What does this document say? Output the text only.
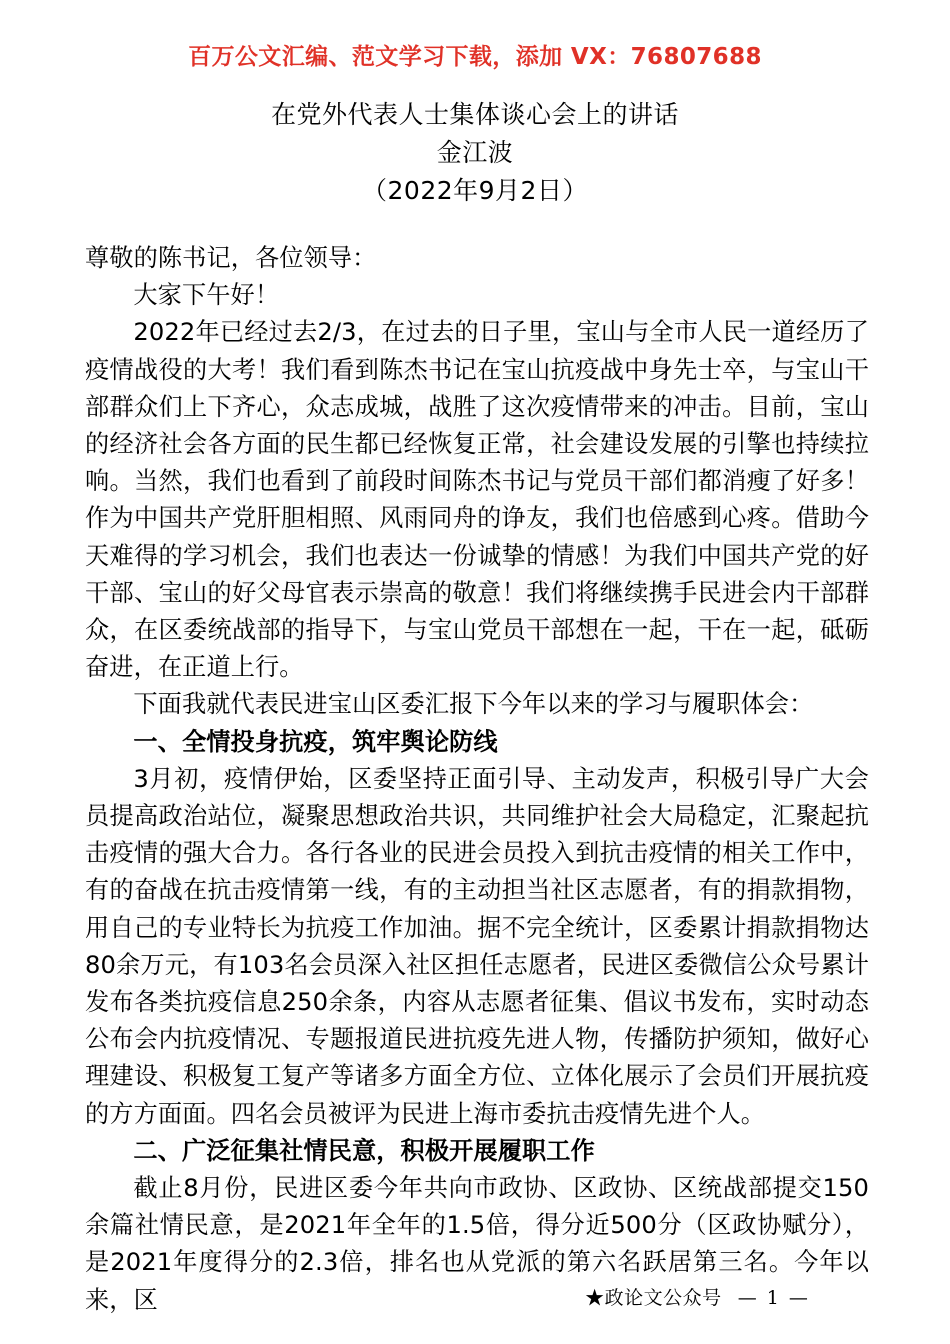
百万公文汇编、范文学习下载，添加 VX：76807688
在党外代表人士集体谈心会上的讲话
金江波
（2022年9月2日）

尊敬的陈书记，各位领导：

大家下午好！

2022年已经过去2/3，在过去的日子里，宝山与全市人民一道经历了疫情战役的大考！我们看到陈杰书记在宝山抗疫战中身先士卒，与宝山干部群众们上下齐心，众志成城，战胜了这次疫情带来的冲击。目前，宝山的经济社会各方面的民生都已经恢复正常，社会建设发展的引擎也持续拉响。当然，我们也看到了前段时间陈杰书记与党员干部们都消瘦了好多！作为中国共产党肝胆相照、风雨同舟的诤友，我们也倍感到心疼。借助今天难得的学习机会，我们也表达一份诚挚的情感！为我们中国共产党的好干部、宝山的好父母官表示崇高的敬意！我们将继续携手民进会内干部群众，在区委统战部的指导下，与宝山党员干部想在一起，干在一起，砥砺奋进，在正道上行。

下面我就代表民进宝山区委汇报下今年以来的学习与履职体会：

一、全情投身抗疫，筑牢舆论防线

3月初，疫情伊始，区委坚持正面引导、主动发声，积极引导广大会员提高政治站位，凝聚思想政治共识，共同维护社会大局稳定，汇聚起抗击疫情的强大合力。各行各业的民进会员投入到抗击疫情的相关工作中，有的奋战在抗击疫情第一线，有的主动担当社区志愿者，有的捐款捐物，用自己的专业特长为抗疫工作加油。据不完全统计，区委累计捐款捐物达80余万元，有103名会员深入社区担任志愿者，民进区委微信公众号累计发布各类抗疫信息250余条，内容从志愿者征集、倡议书发布，实时动态公布会内抗疫情况、专题报道民进抗疫先进人物，传播防护须知，做好心理建设、积极复工复产等诸多方面全方位、立体化展示了会员们开展抗疫的方方面面。四名会员被评为民进上海市委抗击疫情先进个人。

二、广泛征集社情民意，积极开展履职工作

截止8月份，民进区委今年共向市政协、区政协、区统战部提交150余篇社情民意，是2021年全年的1.5倍，得分近500分（区政协赋分），是2021年度得分的2.3倍，排名也从党派的第六名跃居第三名。今年以来，区	★政论文公众号 — 1 —
